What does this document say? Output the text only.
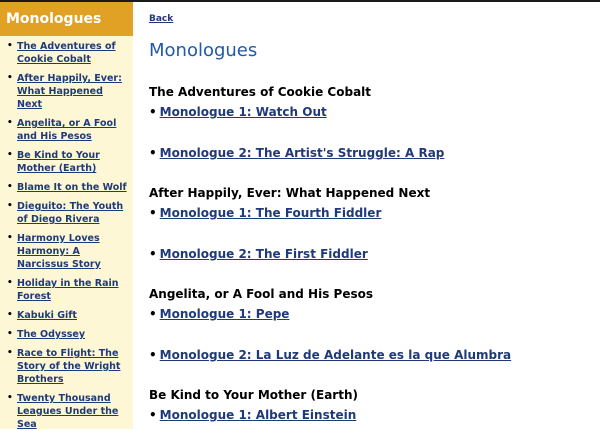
Monologues
• The Adventures of Cookie Cobalt
• After Happily, Ever: What Happened Next
• Angelita, or A Fool and His Pesos
• Be Kind to Your Mother (Earth)
• Blame It on the Wolf
• Dieguito: The Youth of Diego Rivera
• Harmony Loves Harmony: A Narcissus Story
• Holiday in the Rain Forest
• Kabuki Gift
• The Odyssey
• Race to Flight: The Story of the Wright Brothers
• Twenty Thousand Leagues Under the Sea
Back
Monologues
The Adventures of Cookie Cobalt
• Monologue 1: Watch Out
• Monologue 2: The Artist's Struggle: A Rap
After Happily, Ever: What Happened Next
• Monologue 1: The Fourth Fiddler
• Monologue 2: The First Fiddler
Angelita, or A Fool and His Pesos
• Monologue 1: Pepe
• Monologue 2: La Luz de Adelante es la que Alumbra
Be Kind to Your Mother (Earth)
• Monologue 1: Albert Einstein
